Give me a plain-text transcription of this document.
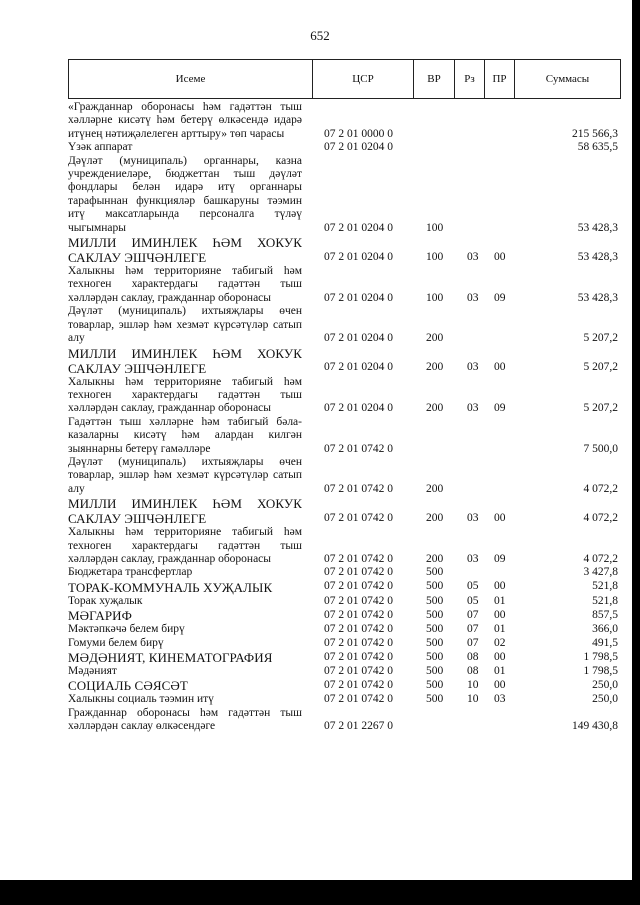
652
Исеме	ЦСР	ВР	Рз	ПР	Суммасы
«Гражданнар оборонасы һәм гадәттән тыш хәлләрне кисәтү һәм бетерү өлкәсендә идарә итүнең нәтиҗәлелеген арттыру» төп чарасы	07 2 01 0000 0	215 566,3
Үзәк аппарат	07 2 01 0204 0	58 635,5
Дәүләт (муниципаль) органнары, казна учреждениеләре, бюджеттан тыш дәүләт фондлары белән идарә итү органнары тарафыннан функцияләр башкаруны тәэмин итү максатларында персоналга түләү чыгымнары	07 2 01 0204 0	100	53 428,3
МИЛЛИ ИМИНЛЕК ҺӘМ ХОКУК САКЛАУ ЭШЧӘНЛЕГЕ	07 2 01 0204 0	100 03 00	53 428,3
Халыкны һәм территорияне табигый һәм техноген характердагы гадәттән тыш хәлләрдән саклау, гражданнар оборонасы	07 2 01 0204 0	100 03 09	53 428,3
Дәүләт (муниципаль) ихтыяҗлары өчен товарлар, эшләр һәм хезмәт күрсәтүләр сатып алу	07 2 01 0204 0	200	5 207,2
МИЛЛИ ИМИНЛЕК ҺӘМ ХОКУК САКЛАУ ЭШЧӘНЛЕГЕ	07 2 01 0204 0	200 03 00	5 207,2
Халыкны һәм территорияне табигый һәм техноген характердагы гадәттән тыш хәлләрдән саклау, гражданнар оборонасы	07 2 01 0204 0	200 03 09	5 207,2
Гадәттән тыш хәлләрне һәм табигый бәла-казаларны кисәтү һәм алардан килгән зыяннарны бетерү гамәлләре	07 2 01 0742 0	7 500,0
Дәүләт (муниципаль) ихтыяҗлары өчен товарлар, эшләр һәм хезмәт күрсәтүләр сатып алу	07 2 01 0742 0	200	4 072,2
МИЛЛИ ИМИНЛЕК ҺӘМ ХОКУК САКЛАУ ЭШЧӘНЛЕГЕ	07 2 01 0742 0	200 03 00	4 072,2
Халыкны һәм территорияне табигый һәм техноген характердагы гадәттән тыш хәлләрдән саклау, гражданнар оборонасы	07 2 01 0742 0	200 03 09	4 072,2
Бюджетара трансфертлар	07 2 01 0742 0	500	3 427,8
ТОРАК-КОММУНАЛЬ ХУҖАЛЫК	07 2 01 0742 0	500 05 00	521,8
Торак хуҗалык	07 2 01 0742 0	500 05 01	521,8
МӘГАРИФ	07 2 01 0742 0	500 07 00	857,5
Мәктәпкәчә белем бирү	07 2 01 0742 0	500 07 01	366,0
Гомуми белем бирү	07 2 01 0742 0	500 07 02	491,5
МӘДӘНИЯТ, КИНЕМАТОГРАФИЯ	07 2 01 0742 0	500 08 00	1 798,5
Мәдәният	07 2 01 0742 0	500 08 01	1 798,5
СОЦИАЛЬ СӘЯСӘТ	07 2 01 0742 0	500 10 00	250,0
Халыкны социаль тәэмин итү	07 2 01 0742 0	500 10 03	250,0
Гражданнар оборонасы һәм гадәттән тыш хәлләрдән саклау өлкәсендәге	07 2 01 2267 0	149 430,8
